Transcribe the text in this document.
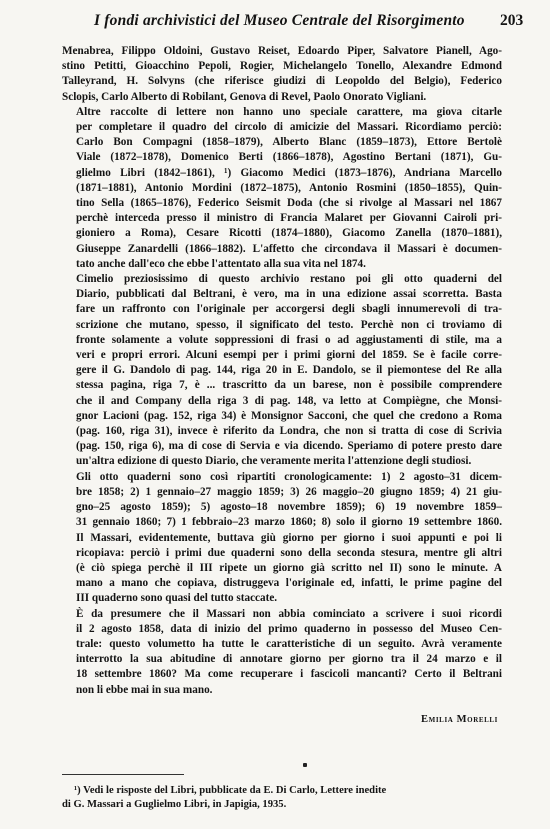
I fondi archivistici del Museo Centrale del Risorgimento 203

Menabrea, Filippo Oldoini, Gustavo Reiset, Edoardo Piper, Salvatore Pianell, Ago-
stino Petitti, Gioacchino Pepoli, Rogier, Michelangelo Tonello, Alexandre Edmond
Talleyrand, H. Solvyns (che riferisce giudizi di Leopoldo del Belgio), Federico
Sclopis, Carlo Alberto di Robilant, Genova di Revel, Paolo Onorato Vigliani.

Altre raccolte di lettere non hanno uno speciale carattere, ma giova citarle
per completare il quadro del circolo di amicizie del Massari. Ricordiamo perciò:
Carlo Bon Compagni (1858–1879), Alberto Blanc (1859–1873), Ettore Bertolè
Viale (1872–1878), Domenico Berti (1866–1878), Agostino Bertani (1871), Gu-
glielmo Libri (1842–1861), ¹) Giacomo Medici (1873–1876), Andriana Marcello
(1871–1881), Antonio Mordini (1872–1875), Antonio Rosmini (1850–1855), Quin-
tino Sella (1865–1876), Federico Seismit Doda (che si rivolge al Massari nel 1867
perchè interceda presso il ministro di Francia Malaret per Giovanni Cairoli pri-
gioniero a Roma), Cesare Ricotti (1874–1880), Giacomo Zanella (1870–1881),
Giuseppe Zanardelli (1866–1882). L'affetto che circondava il Massari è documen-
tato anche dall'eco che ebbe l'attentato alla sua vita nel 1874.

Cimelio preziosissimo di questo archivio restano poi gli otto quaderni del
Diario, pubblicati dal Beltrani, è vero, ma in una edizione assai scorretta. Basta
fare un raffronto con l'originale per accorgersi degli sbagli innumerevoli di tra-
scrizione che mutano, spesso, il significato del testo. Perchè non ci troviamo di
fronte solamente a volute soppressioni di frasi o ad aggiustamenti di stile, ma a
veri e propri errori. Alcuni esempi per i primi giorni del 1859. Se è facile corre-
gere il G. Dandolo di pag. 144, riga 20 in E. Dandolo, se il piemontese del Re alla
stessa pagina, riga 7, è ... trascritto da un barese, non è possibile comprendere
che il and Company della riga 3 di pag. 148, va letto at Compiègne, che Monsi-
gnor Lacioni (pag. 152, riga 34) è Monsignor Sacconi, che quel che credono a Roma
(pag. 160, riga 31), invece è riferito da Londra, che non si tratta di cose di Scrivia
(pag. 150, riga 6), ma di cose di Servia e via dicendo. Speriamo di potere presto dare
un'altra edizione di questo Diario, che veramente merita l'attenzione degli studiosi.

Gli otto quaderni sono così ripartiti cronologicamente: 1) 2 agosto–31 dicem-
bre 1858; 2) 1 gennaio–27 maggio 1859; 3) 26 maggio–20 giugno 1859; 4) 21 giu-
gno–25 agosto 1859); 5) agosto–18 novembre 1859); 6) 19 novembre 1859–
31 gennaio 1860; 7) 1 febbraio–23 marzo 1860; 8) solo il giorno 19 settembre 1860.
Il Massari, evidentemente, buttava giù giorno per giorno i suoi appunti e poi li
ricopiava: perciò i primi due quaderni sono della seconda stesura, mentre gli altri
(è ciò spiega perchè il III ripete un giorno già scritto nel II) sono le minute. A
mano a mano che copiava, distruggeva l'originale ed, infatti, le prime pagine del
III quaderno sono quasi del tutto staccate.

È da presumere che il Massari non abbia cominciato a scrivere i suoi ricordi
il 2 agosto 1858, data di inizio del primo quaderno in possesso del Museo Cen-
trale: questo volumetto ha tutte le caratteristiche di un seguito. Avrà veramente
interrotto la sua abitudine di annotare giorno per giorno tra il 24 marzo e il
18 settembre 1860? Ma come recuperare i fascicoli mancanti? Certo il Beltrani
non li ebbe mai in sua mano.

Emilia Morelli
¹) Vedi le risposte del Libri, pubblicate da E. Di Carlo, Lettere inedite
di G. Massari a Guglielmo Libri, in Japigia, 1935.
